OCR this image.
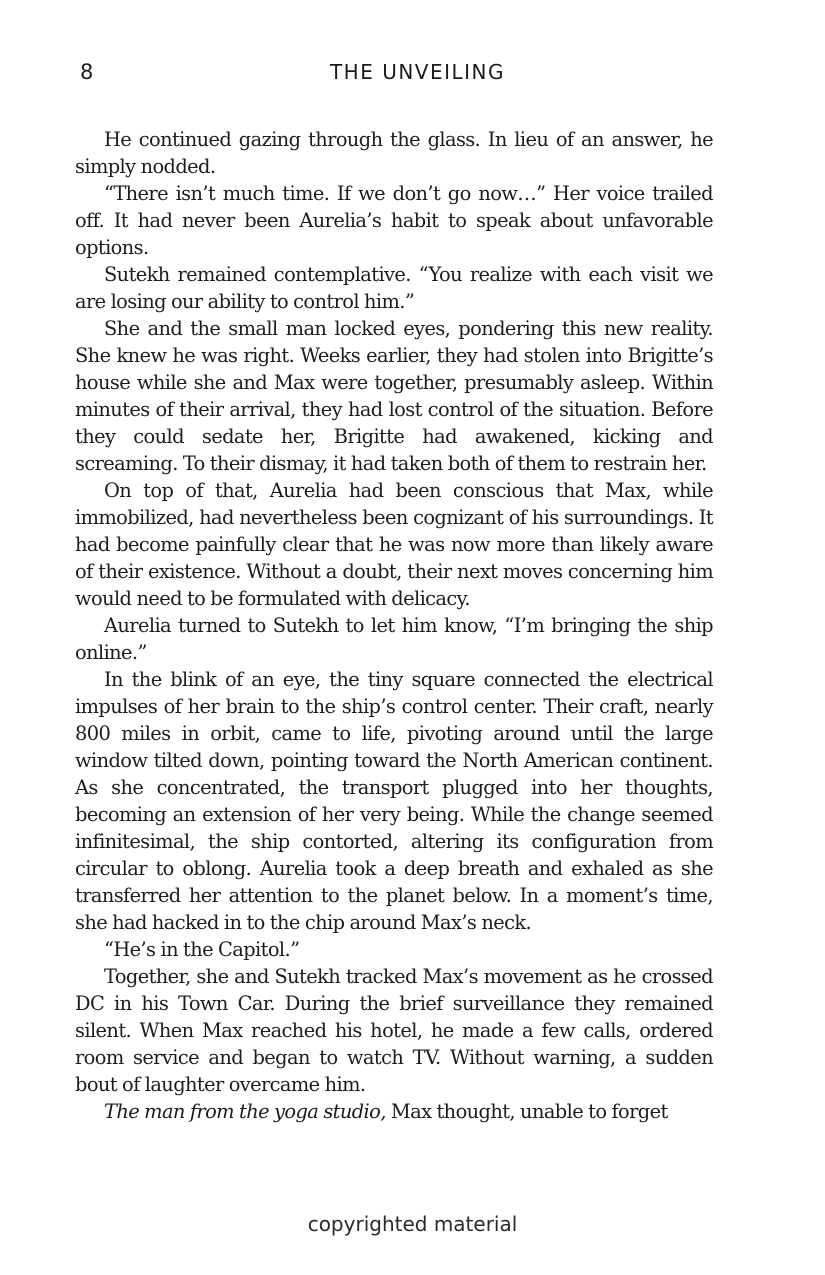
8	THE UNVEILING

He continued gazing through the glass. In lieu of an answer, he simply nodded.

“There isn’t much time. If we don’t go now…” Her voice trailed off. It had never been Aurelia’s habit to speak about unfavorable options.

Sutekh remained contemplative. “You realize with each visit we are losing our ability to control him.”

She and the small man locked eyes, pondering this new reality. She knew he was right. Weeks earlier, they had stolen into Brigitte’s house while she and Max were together, presumably asleep. Within minutes of their arrival, they had lost control of the situation. Before they could sedate her, Brigitte had awakened, kicking and screaming. To their dismay, it had taken both of them to restrain her.

On top of that, Aurelia had been conscious that Max, while immobilized, had nevertheless been cognizant of his surroundings. It had become painfully clear that he was now more than likely aware of their existence. Without a doubt, their next moves concerning him would need to be formulated with delicacy.

Aurelia turned to Sutekh to let him know, “I’m bringing the ship online.”

In the blink of an eye, the tiny square connected the electrical impulses of her brain to the ship’s control center. Their craft, nearly 800 miles in orbit, came to life, pivoting around until the large window tilted down, pointing toward the North American continent. As she concentrated, the transport plugged into her thoughts, becoming an extension of her very being. While the change seemed infinitesimal, the ship contorted, altering its configuration from circular to oblong. Aurelia took a deep breath and exhaled as she transferred her attention to the planet below. In a moment’s time, she had hacked in to the chip around Max’s neck.

“He’s in the Capitol.”

Together, she and Sutekh tracked Max’s movement as he crossed DC in his Town Car. During the brief surveillance they remained silent. When Max reached his hotel, he made a few calls, ordered room service and began to watch TV. Without warning, a sudden bout of laughter overcame him.

The man from the yoga studio, Max thought, unable to forget

copyrighted material
